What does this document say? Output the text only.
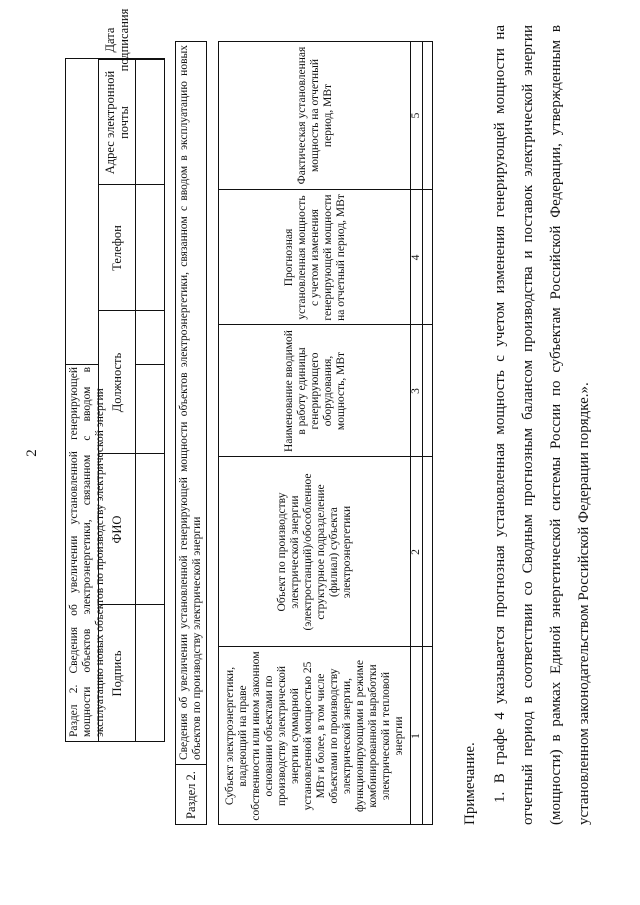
2
Раздел 2. Сведения об увеличении установленной генерирующей мощности объектов электроэнергетики, связанном с вводом в эксплуатацию новых объектов по производству электрической энергии Подпись
ФИО
Должность
Телефон
Адрес электронной почты
Дата подписания
Раздел 2.
Сведения об увеличении установленной генерирующей мощности объектов электроэнергетики, связанном с вводом в эксплуатацию новых объектов по производству электрической энергии Субъект электроэнергетики, владеющий на праве собственности или ином законном основании объектами по производству электрической энергии суммарной установленной мощностью 25 МВт и более, в том числе объектами по производству электрической энергии, функционирующими в режиме комбинированной выработки электрической и тепловой энергии
Объект по производству электрической энергии (электростанций)/обособленное структурное подразделение (филиал) субъекта электроэнергетики
Наименование вводимой в работу единицы генерирующего оборудования, мощность, МВт
Прогнозная установленная мощность с учетом изменения генерирующей мощности на отчетный период, МВт
Фактическая установленная мощность на отчетный период, МВт
1
2
3
4
5

Примечание. 1. В графе 4 указывается прогнозная установленная мощность с учетом изменения генерирующей мощности на отчетный период в соответствии со Сводным прогнозным балансом производства и поставок электрической энергии (мощности) в рамках Единой энергетической системы России по субъектам Российской Федерации, утвержденным в установленном законодательством Российской Федерации порядке.».
